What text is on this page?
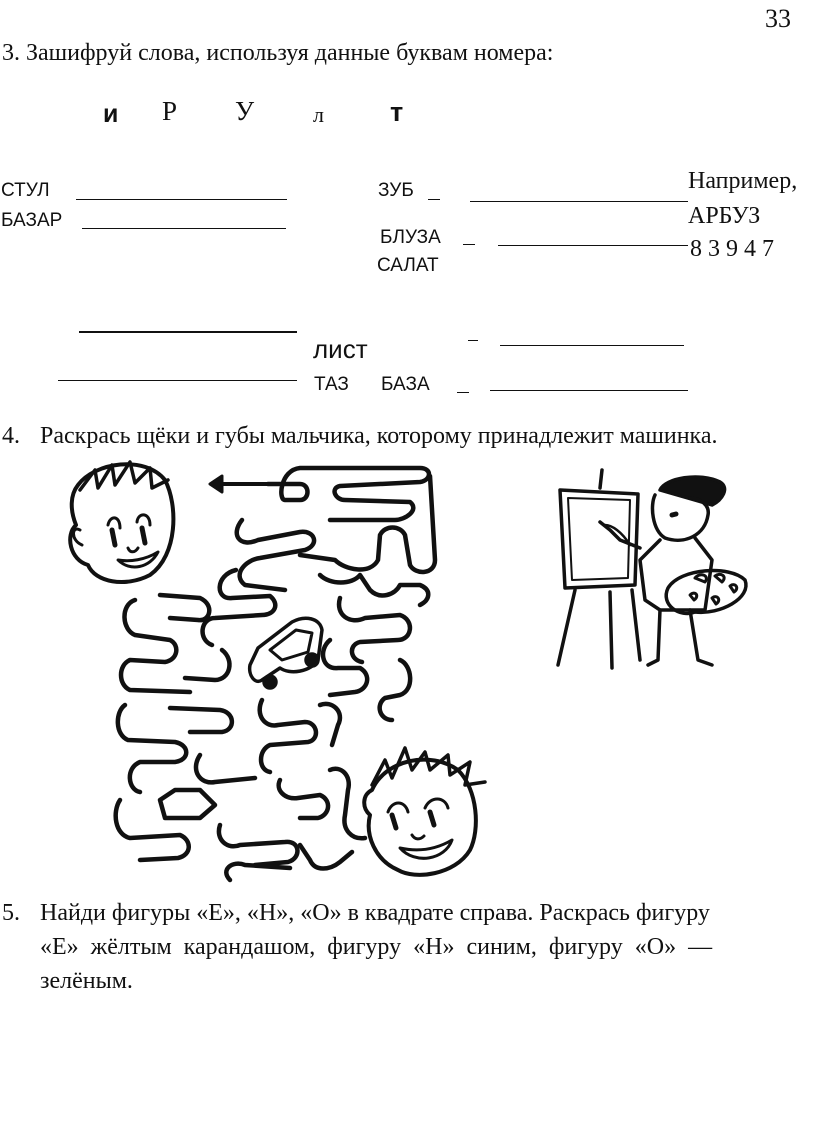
33
3. Зашифруй слова, используя данные буквам номера:
и Р У	л т
СТУЛ	ЗУБ	Например,
АРБУЗ
8 3 9 4 7
БАЗАР
БЛУЗА
САЛАТ
лист
ТАЗ БАЗА
4. Раскрась щёки и губы мальчика, которому принадлежит машинка.
5. Найди фигуры «Е», «Н», «О» в квадрате справа. Раскрась фигуру
«Е» жёлтым карандашом, фигуру «Н» синим, фигуру «О» —
зелёным.
